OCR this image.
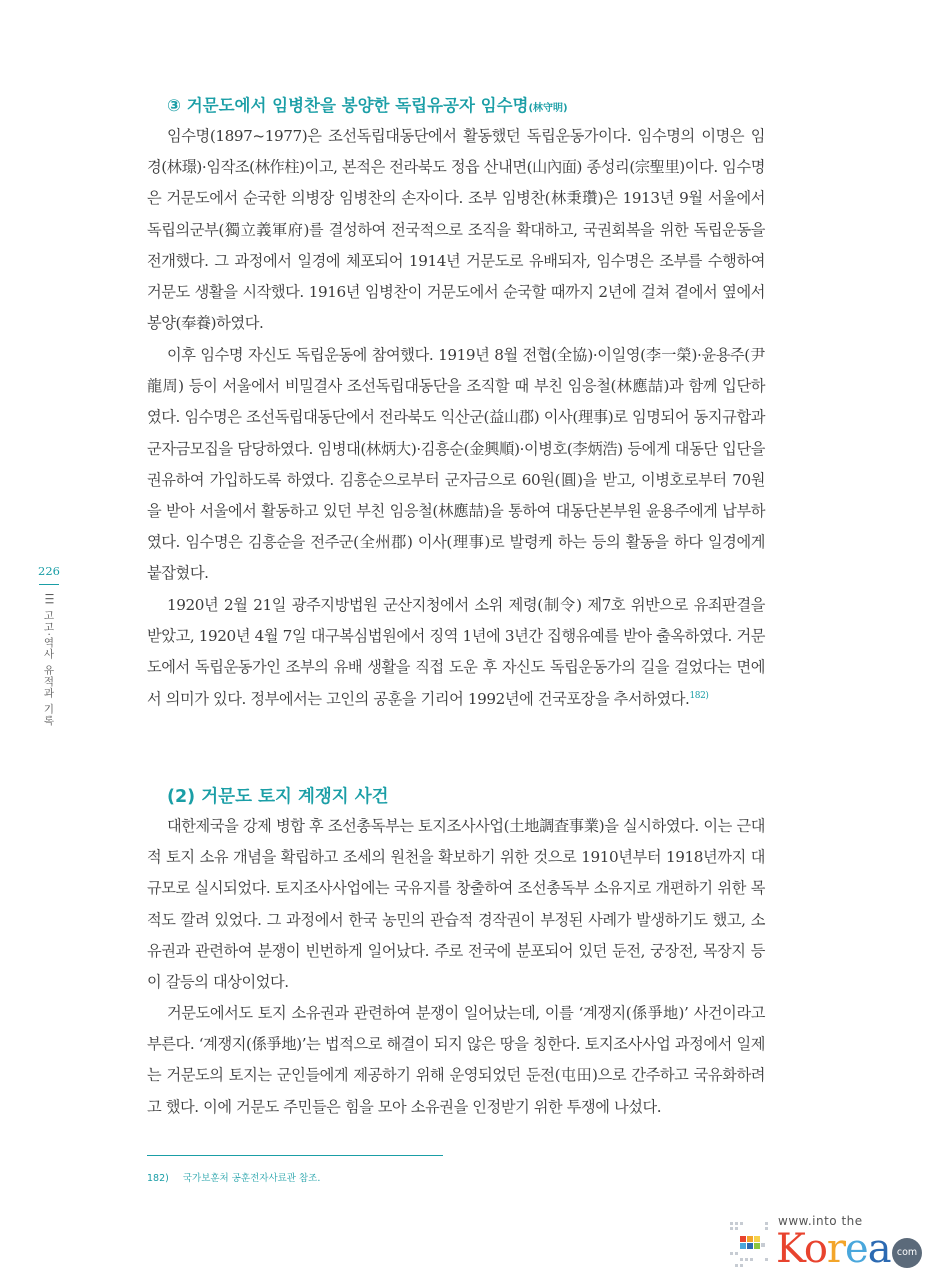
226
III 고고·역사 유적과 기록
③ 거문도에서 임병찬을 봉양한 독립유공자 임수명(林守明)

임수명(1897~1977)은 조선독립대동단에서 활동했던 독립운동가이다. 임수명의 이명은 임경(林璟)·임작조(林作柱)이고, 본적은 전라북도 정읍 산내면(山內面) 종성리(宗聖里)이다. 임수명은 거문도에서 순국한 의병장 임병찬의 손자이다. 조부 임병찬(林秉瓚)은 1913년 9월 서울에서 독립의군부(獨立義軍府)를 결성하여 전국적으로 조직을 확대하고, 국권회복을 위한 독립운동을 전개했다. 그 과정에서 일경에 체포되어 1914년 거문도로 유배되자, 임수명은 조부를 수행하여 거문도 생활을 시작했다. 1916년 임병찬이 거문도에서 순국할 때까지 2년에 걸쳐 곁에서 옆에서 봉양(奉養)하였다.

이후 임수명 자신도 독립운동에 참여했다. 1919년 8월 전협(全協)·이일영(李一榮)·윤용주(尹龍周) 등이 서울에서 비밀결사 조선독립대동단을 조직할 때 부친 임응철(林應喆)과 함께 입단하였다. 임수명은 조선독립대동단에서 전라북도 익산군(益山郡) 이사(理事)로 임명되어 동지규합과 군자금모집을 담당하였다. 임병대(林炳大)·김흥순(金興順)·이병호(李炳浩) 등에게 대동단 입단을 권유하여 가입하도록 하였다. 김흥순으로부터 군자금으로 60원(圓)을 받고, 이병호로부터 70원을 받아 서울에서 활동하고 있던 부친 임응철(林應喆)을 통하여 대동단본부원 윤용주에게 납부하였다. 임수명은 김흥순을 전주군(全州郡) 이사(理事)로 발령케 하는 등의 활동을 하다 일경에게 붙잡혔다.

1920년 2월 21일 광주지방법원 군산지청에서 소위 제령(制令) 제7호 위반으로 유죄판결을 받았고, 1920년 4월 7일 대구복심법원에서 징역 1년에 3년간 집행유예를 받아 출옥하였다. 거문도에서 독립운동가인 조부의 유배 생활을 직접 도운 후 자신도 독립운동가의 길을 걸었다는 면에서 의미가 있다. 정부에서는 고인의 공훈을 기리어 1992년에 건국포장을 추서하였다.$^{182)}$

(2) 거문도 토지 계쟁지 사건

대한제국을 강제 병합 후 조선총독부는 토지조사사업(土地調査事業)을 실시하였다. 이는 근대적 토지 소유 개념을 확립하고 조세의 원천을 확보하기 위한 것으로 1910년부터 1918년까지 대규모로 실시되었다. 토지조사사업에는 국유지를 창출하여 조선총독부 소유지로 개편하기 위한 목적도 깔려 있었다. 그 과정에서 한국 농민의 관습적 경작권이 부정된 사례가 발생하기도 했고, 소유권과 관련하여 분쟁이 빈번하게 일어났다. 주로 전국에 분포되어 있던 둔전, 궁장전, 목장지 등이 갈등의 대상이었다.

거문도에서도 토지 소유권과 관련하여 분쟁이 일어났는데, 이를 ‘계쟁지(係爭地)’ 사건이라고 부른다. ‘계쟁지(係爭地)’는 법적으로 해결이 되지 않은 땅을 칭한다. 토지조사사업 과정에서 일제는 거문도의 토지는 군인들에게 제공하기 위해 운영되었던 둔전(屯田)으로 간주하고 국유화하려고 했다. 이에 거문도 주민들은 힘을 모아 소유권을 인정받기 위한 투쟁에 나섰다.

182) 국가보훈처 공훈전자사료관 참조.
www.into the
Korea com
